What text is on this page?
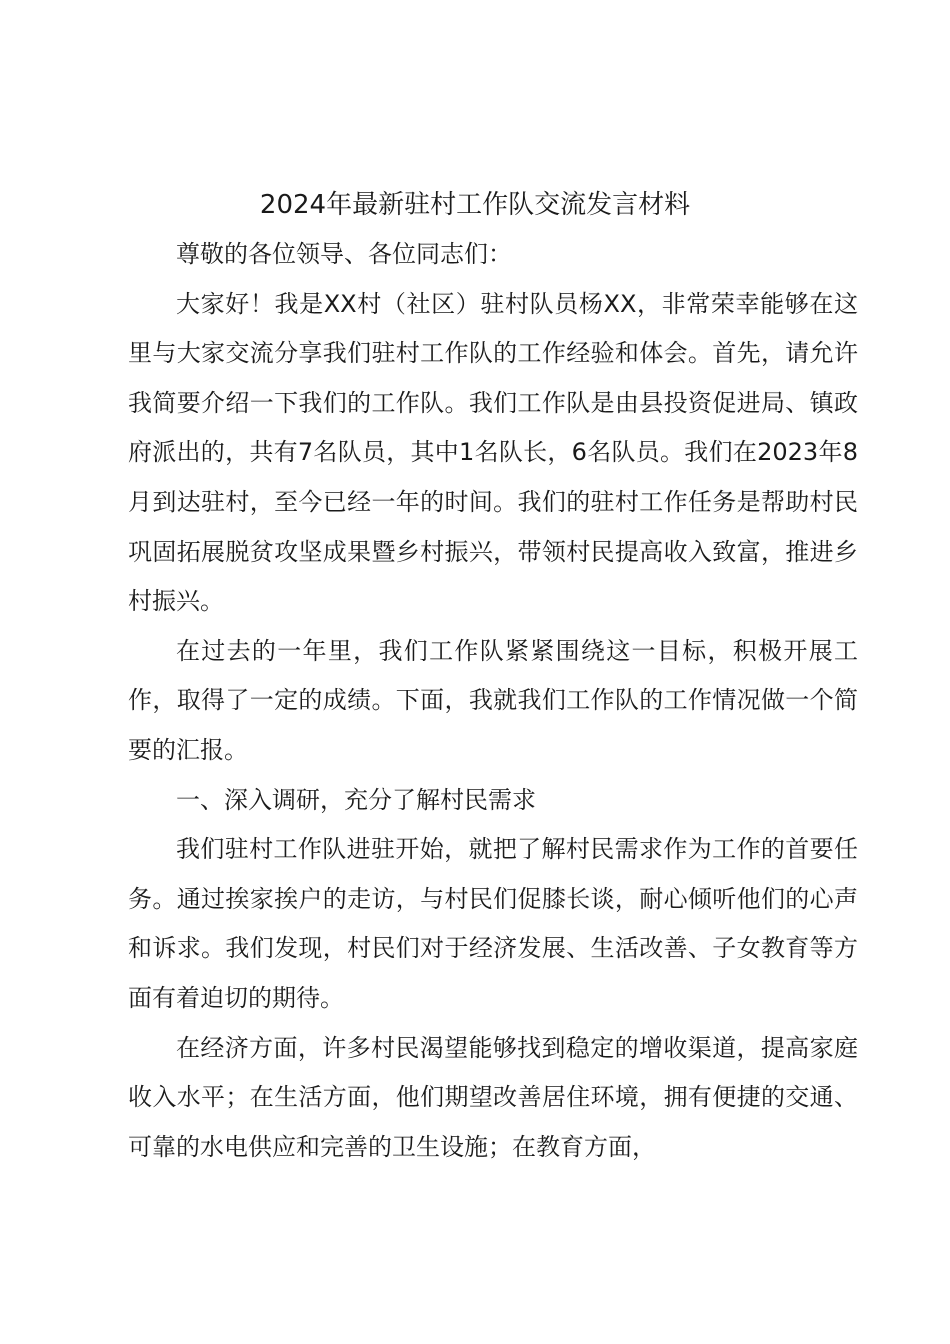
2024年最新驻村工作队交流发言材料

尊敬的各位领导、各位同志们：

大家好！我是XX村（社区）驻村队员杨XX，非常荣幸能够在这里与大家交流分享我们驻村工作队的工作经验和体会。首先，请允许我简要介绍一下我们的工作队。我们工作队是由县投资促进局、镇政府派出的，共有7名队员，其中1名队长，6名队员。我们在2023年8月到达驻村，至今已经一年的时间。我们的驻村工作任务是帮助村民巩固拓展脱贫攻坚成果暨乡村振兴，带领村民提高收入致富，推进乡村振兴。

在过去的一年里，我们工作队紧紧围绕这一目标，积极开展工作，取得了一定的成绩。下面，我就我们工作队的工作情况做一个简要的汇报。

一、深入调研，充分了解村民需求

我们驻村工作队进驻开始，就把了解村民需求作为工作的首要任务。通过挨家挨户的走访，与村民们促膝长谈，耐心倾听他们的心声和诉求。我们发现，村民们对于经济发展、生活改善、子女教育等方面有着迫切的期待。

在经济方面，许多村民渴望能够找到稳定的增收渠道，提高家庭收入水平；在生活方面，他们期望改善居住环境，拥有便捷的交通、可靠的水电供应和完善的卫生设施；在教育方面，
